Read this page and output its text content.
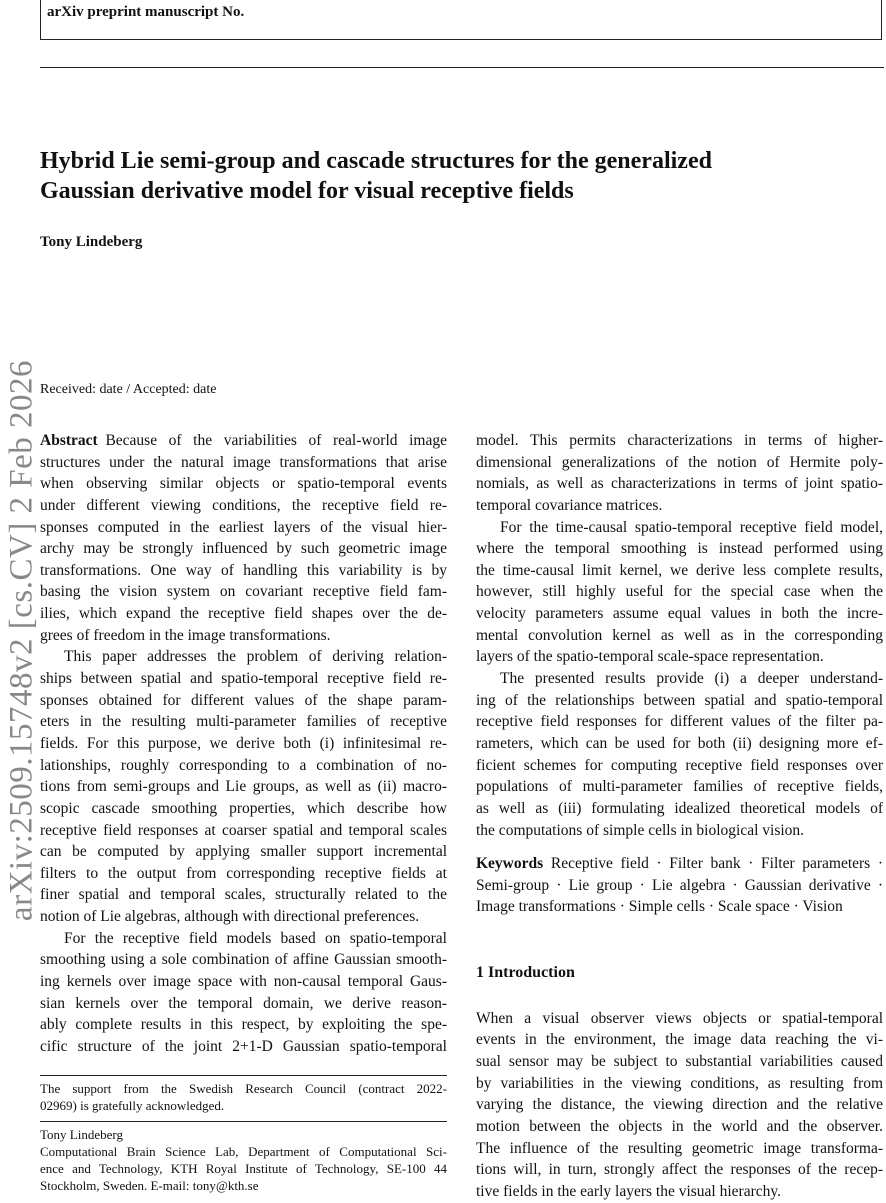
arXiv preprint manuscript No.
Hybrid Lie semi-group and cascade structures for the generalized
Gaussian derivative model for visual receptive fields
Tony Lindeberg
arXiv:2509.15748v2 [cs.CV] 2 Feb 2026 Received: date / Accepted: date
Abstract  Because of the variabilities of real-world image
structures under the natural image transformations that arise
when observing similar objects or spatio-temporal events
under different viewing conditions, the receptive field re-
sponses computed in the earliest layers of the visual hier-
archy may be strongly influenced by such geometric image
transformations. One way of handling this variability is by
basing the vision system on covariant receptive field fam-
ilies, which expand the receptive field shapes over the de-
grees of freedom in the image transformations.
This paper addresses the problem of deriving relation-
ships between spatial and spatio-temporal receptive field re-
sponses obtained for different values of the shape param-
eters in the resulting multi-parameter families of receptive
fields. For this purpose, we derive both (i) infinitesimal re-
lationships, roughly corresponding to a combination of no-
tions from semi-groups and Lie groups, as well as (ii) macro-
scopic cascade smoothing properties, which describe how
receptive field responses at coarser spatial and temporal scales
can be computed by applying smaller support incremental
filters to the output from corresponding receptive fields at
finer spatial and temporal scales, structurally related to the
notion of Lie algebras, although with directional preferences.
For the receptive field models based on spatio-temporal
smoothing using a sole combination of affine Gaussian smooth-
ing kernels over image space with non-causal temporal Gaus-
sian kernels over the temporal domain, we derive reason-
ably complete results in this respect, by exploiting the spe-
cific structure of the joint 2+1-D Gaussian spatio-temporal
model. This permits characterizations in terms of higher-
dimensional generalizations of the notion of Hermite poly-
nomials, as well as characterizations in terms of joint spatio-
temporal covariance matrices.
For the time-causal spatio-temporal receptive field model,
where the temporal smoothing is instead performed using
the time-causal limit kernel, we derive less complete results,
however, still highly useful for the special case when the
velocity parameters assume equal values in both the incre-
mental convolution kernel as well as in the corresponding
layers of the spatio-temporal scale-space representation.
The presented results provide (i) a deeper understand-
ing of the relationships between spatial and spatio-temporal
receptive field responses for different values of the filter pa-
rameters, which can be used for both (ii) designing more ef-
ficient schemes for computing receptive field responses over
populations of multi-parameter families of receptive fields,
as well as (iii) formulating idealized theoretical models of
the computations of simple cells in biological vision.
Keywords  Receptive field · Filter bank · Filter parameters ·
Semi-group · Lie group · Lie algebra · Gaussian derivative ·
Image transformations · Simple cells · Scale space · Vision
1 Introduction
When a visual observer views objects or spatial-temporal
events in the environment, the image data reaching the vi-
sual sensor may be subject to substantial variabilities caused
by variabilities in the viewing conditions, as resulting from
varying the distance, the viewing direction and the relative
motion between the objects in the world and the observer.
The influence of the resulting geometric image transforma-
tions will, in turn, strongly affect the responses of the recep-
tive fields in the early layers the visual hierarchy.
The support from the Swedish Research Council (contract 2022-
02969) is gratefully acknowledged.
Tony Lindeberg
Computational Brain Science Lab, Department of Computational Sci-
ence and Technology, KTH Royal Institute of Technology, SE-100 44
Stockholm, Sweden. E-mail: tony@kth.se
